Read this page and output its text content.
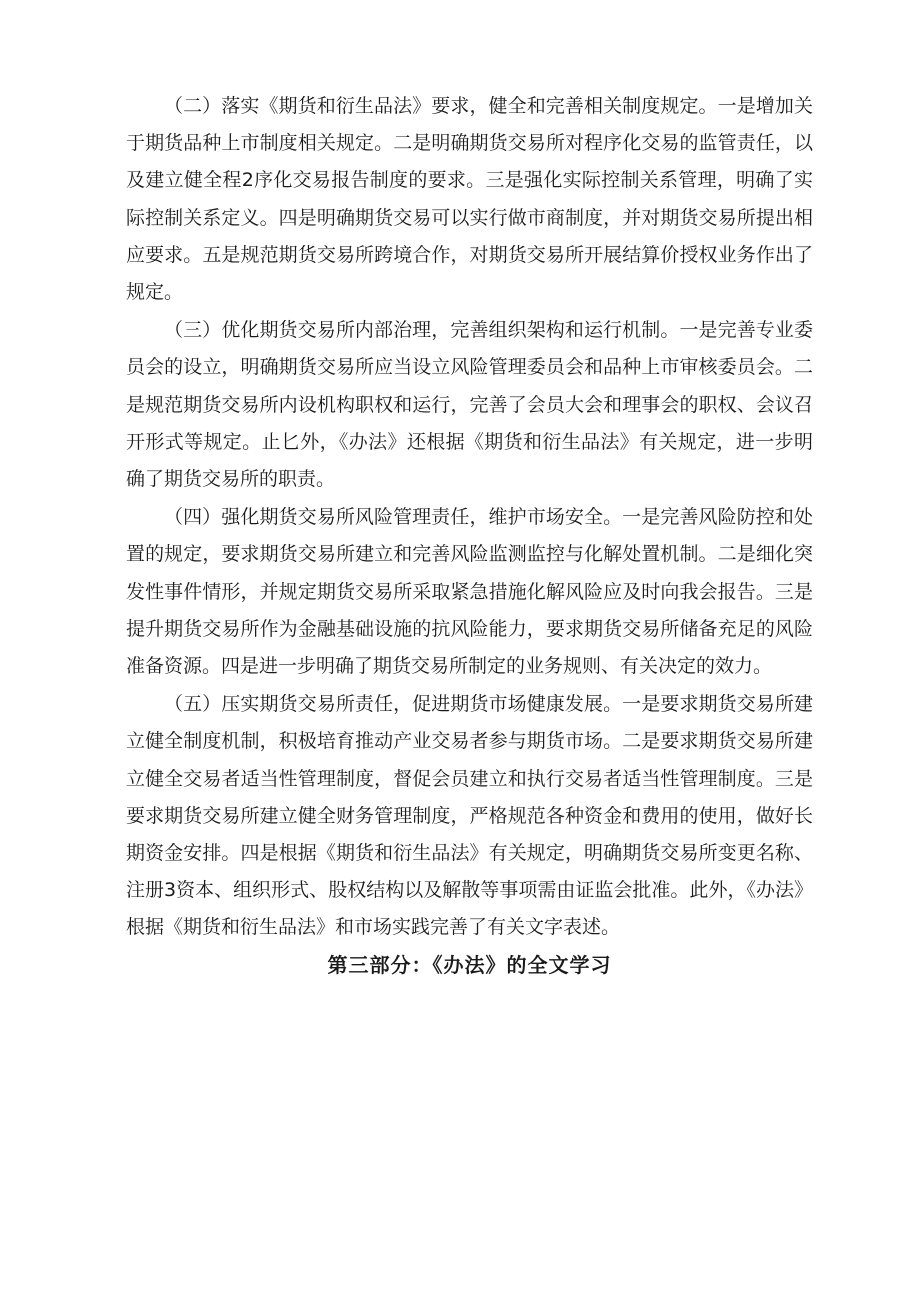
（二）落实《期货和衍生品法》要求，健全和完善相关制度规定。一是增加关于期货品种上市制度相关规定。二是明确期货交易所对程序化交易的监管责任，以及建立健全程2序化交易报告制度的要求。三是强化实际控制关系管理，明确了实际控制关系定义。四是明确期货交易可以实行做市商制度，并对期货交易所提出相应要求。五是规范期货交易所跨境合作，对期货交易所开展结算价授权业务作出了规定。

（三）优化期货交易所内部治理，完善组织架构和运行机制。一是完善专业委员会的设立，明确期货交易所应当设立风险管理委员会和品种上市审核委员会。二是规范期货交易所内设机构职权和运行，完善了会员大会和理事会的职权、会议召开形式等规定。止匕外，《办法》还根据《期货和衍生品法》有关规定，进一步明确了期货交易所的职责。

（四）强化期货交易所风险管理责任，维护市场安全。一是完善风险防控和处置的规定，要求期货交易所建立和完善风险监测监控与化解处置机制。二是细化突发性事件情形，并规定期货交易所采取紧急措施化解风险应及时向我会报告。三是提升期货交易所作为金融基础设施的抗风险能力，要求期货交易所储备充足的风险准备资源。四是进一步明确了期货交易所制定的业务规则、有关决定的效力。

（五）压实期货交易所责任，促进期货市场健康发展。一是要求期货交易所建立健全制度机制，积极培育推动产业交易者参与期货市场。二是要求期货交易所建立健全交易者适当性管理制度，督促会员建立和执行交易者适当性管理制度。三是要求期货交易所建立健全财务管理制度，严格规范各种资金和费用的使用，做好长期资金安排。四是根据《期货和衍生品法》有关规定，明确期货交易所变更名称、注册3资本、组织形式、股权结构以及解散等事项需由证监会批准。此外，《办法》根据《期货和衍生品法》和市场实践完善了有关文字表述。

第三部分：《办法》的全文学习
